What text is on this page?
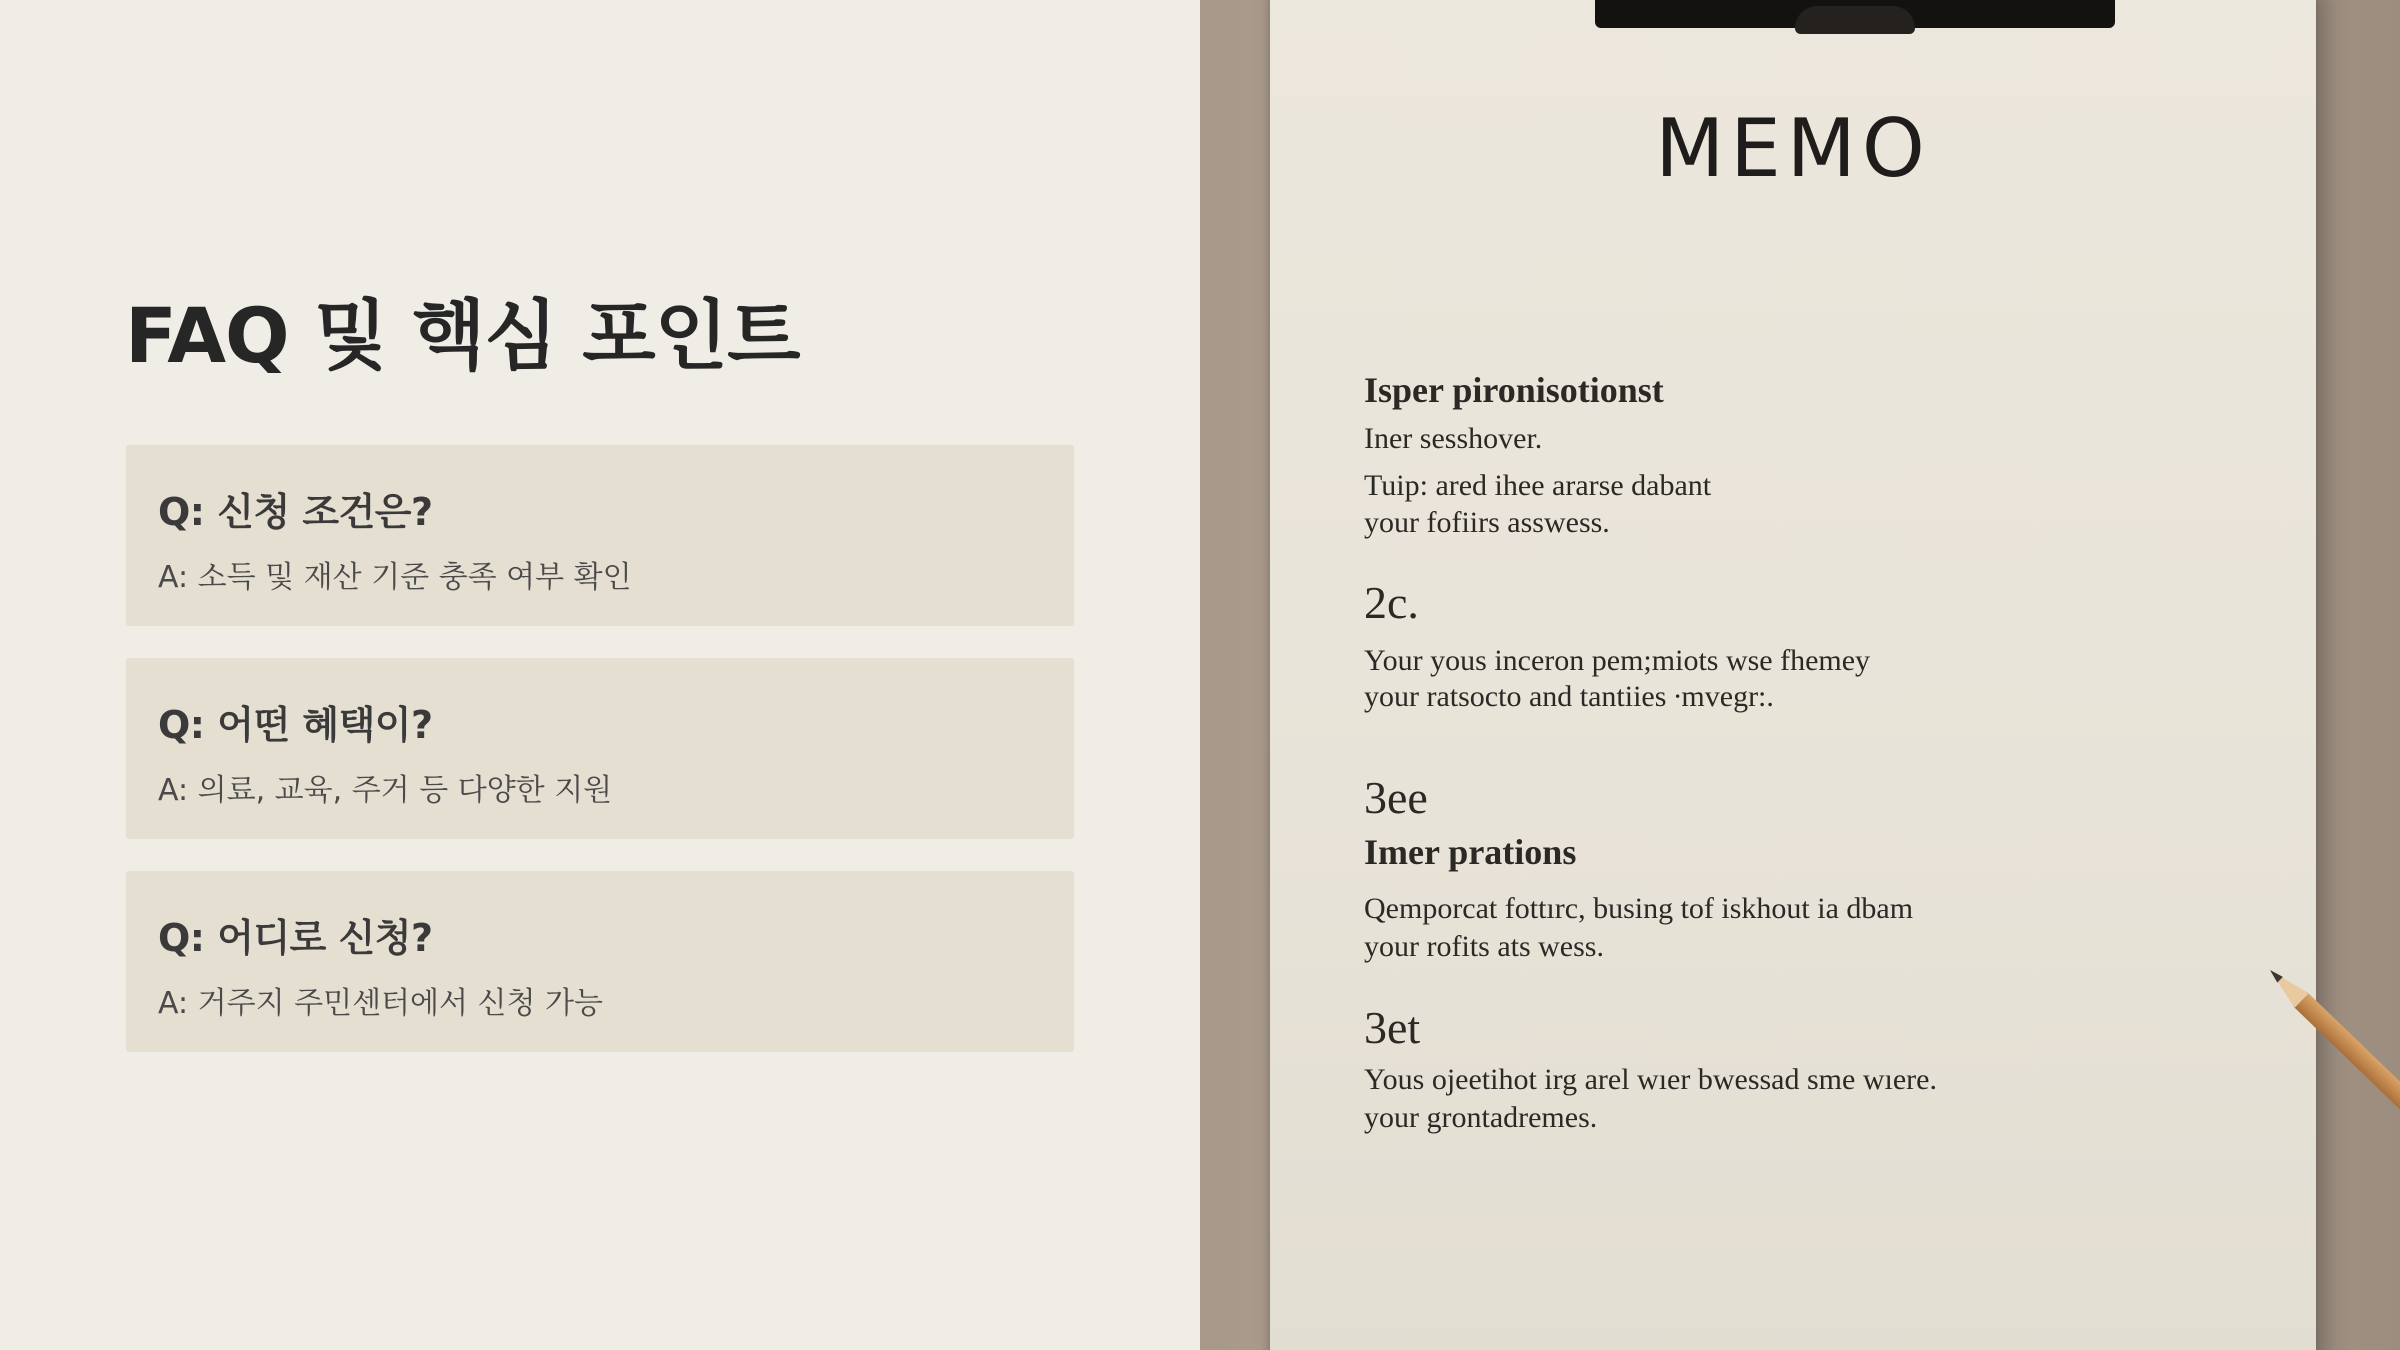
FAQ 및 핵심 포인트
Q: 신청 조건은?
A: 소득 및 재산 기준 충족 여부 확인
Q: 어떤 혜택이?
A: 의료, 교육, 주거 등 다양한 지원
Q: 어디로 신청?
A: 거주지 주민센터에서 신청 가능
MEMO
Isper pironisotionst
Iner sesshover.
Tuip: ared ihee ararse dabant
your fofiirs asswess.
2c.
Your yous inceron pem;miots wse fhemey
your ratsocto and tantiies ∙mvegr:.
3ee
Imer prations
Qemporcat fottırc, busing tof iskhout ia dbam
your rofits ats wess.
3et
Yous ojeetihot irg arel wıer bwessad sme wıere.
your grontadremes.
